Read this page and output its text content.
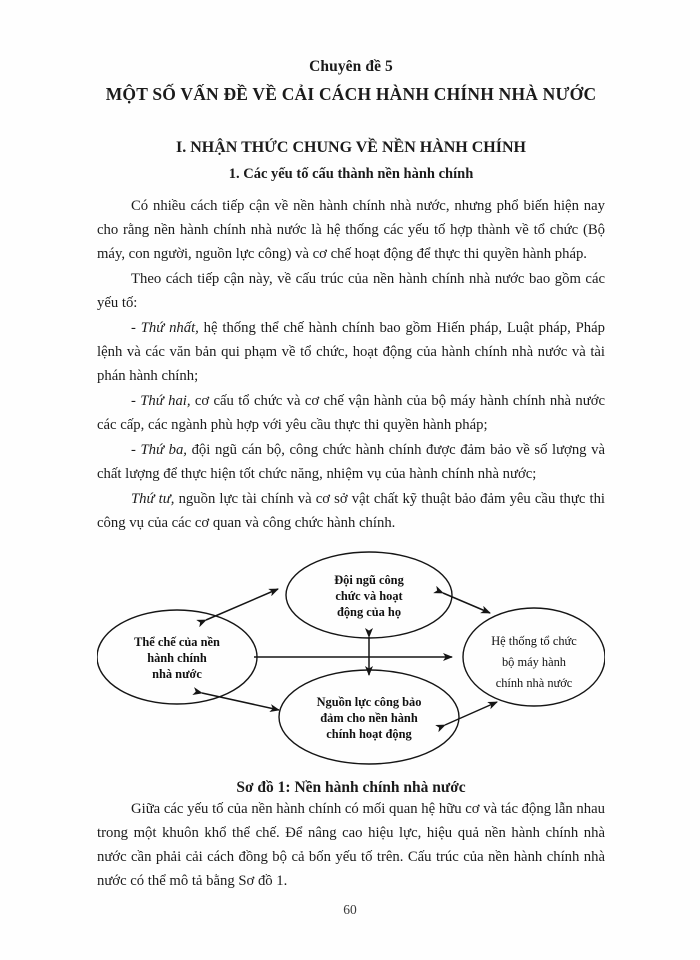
Chuyên đề 5
MỘT SỐ VẤN ĐỀ VỀ CẢI CÁCH HÀNH CHÍNH NHÀ NƯỚC
I. NHẬN THỨC CHUNG VỀ NỀN HÀNH CHÍNH
1. Các yếu tố cấu thành nền hành chính

Có nhiều cách tiếp cận về nền hành chính nhà nước, nhưng phổ biến hiện nay cho rằng nền hành chính nhà nước là hệ thống các yếu tố hợp thành về tổ chức (Bộ máy, con người, nguồn lực công) và cơ chế hoạt động để thực thi quyền hành pháp.

Theo cách tiếp cận này, về cấu trúc của nền hành chính nhà nước bao gồm các yếu tố:

- Thứ nhất, hệ thống thể chế hành chính bao gồm Hiến pháp, Luật pháp, Pháp lệnh và các văn bản qui phạm về tổ chức, hoạt động của hành chính nhà nước và tài phán hành chính;

- Thứ hai, cơ cấu tổ chức và cơ chế vận hành của bộ máy hành chính nhà nước các cấp, các ngành phù hợp với yêu cầu thực thi quyền hành pháp;

- Thứ ba, đội ngũ cán bộ, công chức hành chính được đảm bảo về số lượng và chất lượng để thực hiện tốt chức năng, nhiệm vụ của hành chính nhà nước;

Thứ tư, nguồn lực tài chính và cơ sở vật chất kỹ thuật bảo đảm yêu cầu thực thi công vụ của các cơ quan và công chức hành chính.

Thể chế của nền
hành chính
nhà nước
Đội ngũ công
chức và hoạt
động của họ
Hệ thống tổ chức
bộ máy hành
chính nhà nước
Nguồn lực công bảo
đảm cho nền hành
chính hoạt động
Sơ đồ 1: Nền hành chính nhà nước

Giữa các yếu tố của nền hành chính có mối quan hệ hữu cơ và tác động lẫn nhau trong một khuôn khổ thể chế. Để nâng cao hiệu lực, hiệu quả nền hành chính nhà nước cần phải cải cách đồng bộ cả bốn yếu tố trên. Cấu trúc của nền hành chính nhà nước có thể mô tả bằng Sơ đồ 1.

60
